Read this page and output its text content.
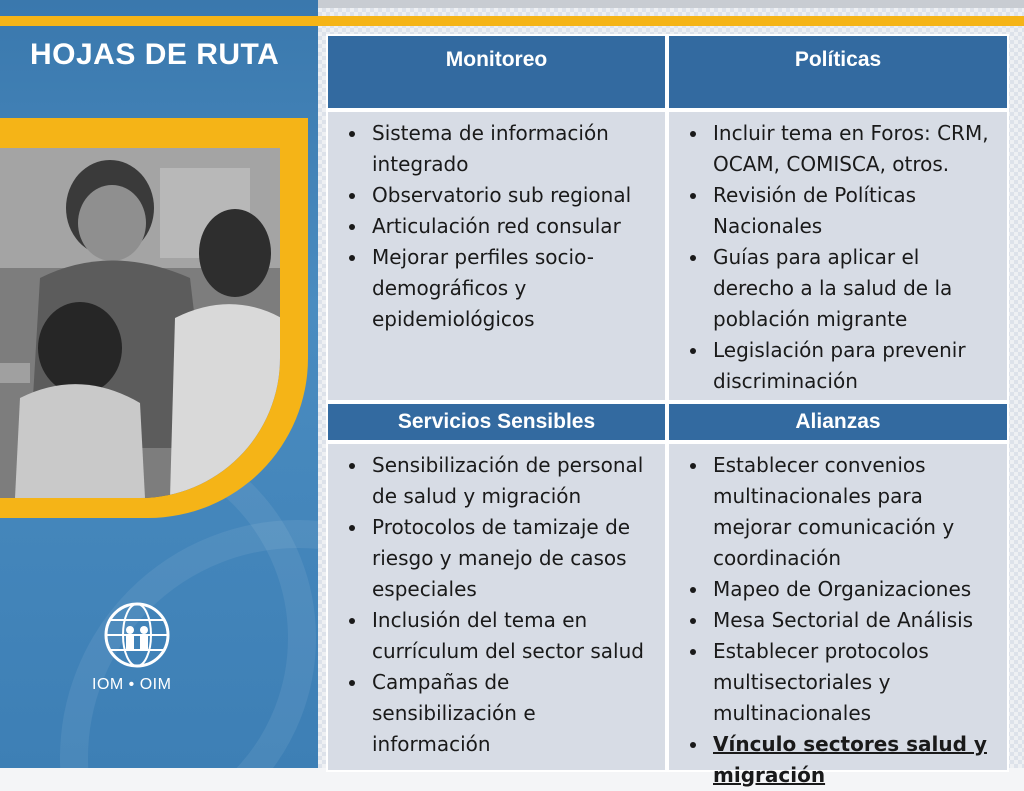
HOJAS DE RUTA
IOM • OIM
Monitoreo	Políticas
• Sistema de información integrado
• Observatorio sub regional
• Articulación red consular
• Mejorar perfiles socio-demográficos y epidemiológicos
• Incluir tema en Foros: CRM, OCAM, COMISCA, otros.
• Revisión de Políticas Nacionales
• Guías para aplicar el derecho a la salud de la población migrante
• Legislación para prevenir discriminación
Servicios Sensibles	Alianzas
• Sensibilización de personal de salud y migración
• Protocolos de tamizaje de riesgo y manejo de casos especiales
• Inclusión del tema en currículum del sector salud
• Campañas de sensibilización e información
• Establecer convenios multinacionales para mejorar comunicación y coordinación
• Mapeo de Organizaciones
• Mesa Sectorial de Análisis
• Establecer protocolos multisectoriales y multinacionales
• Vínculo sectores salud y migración
